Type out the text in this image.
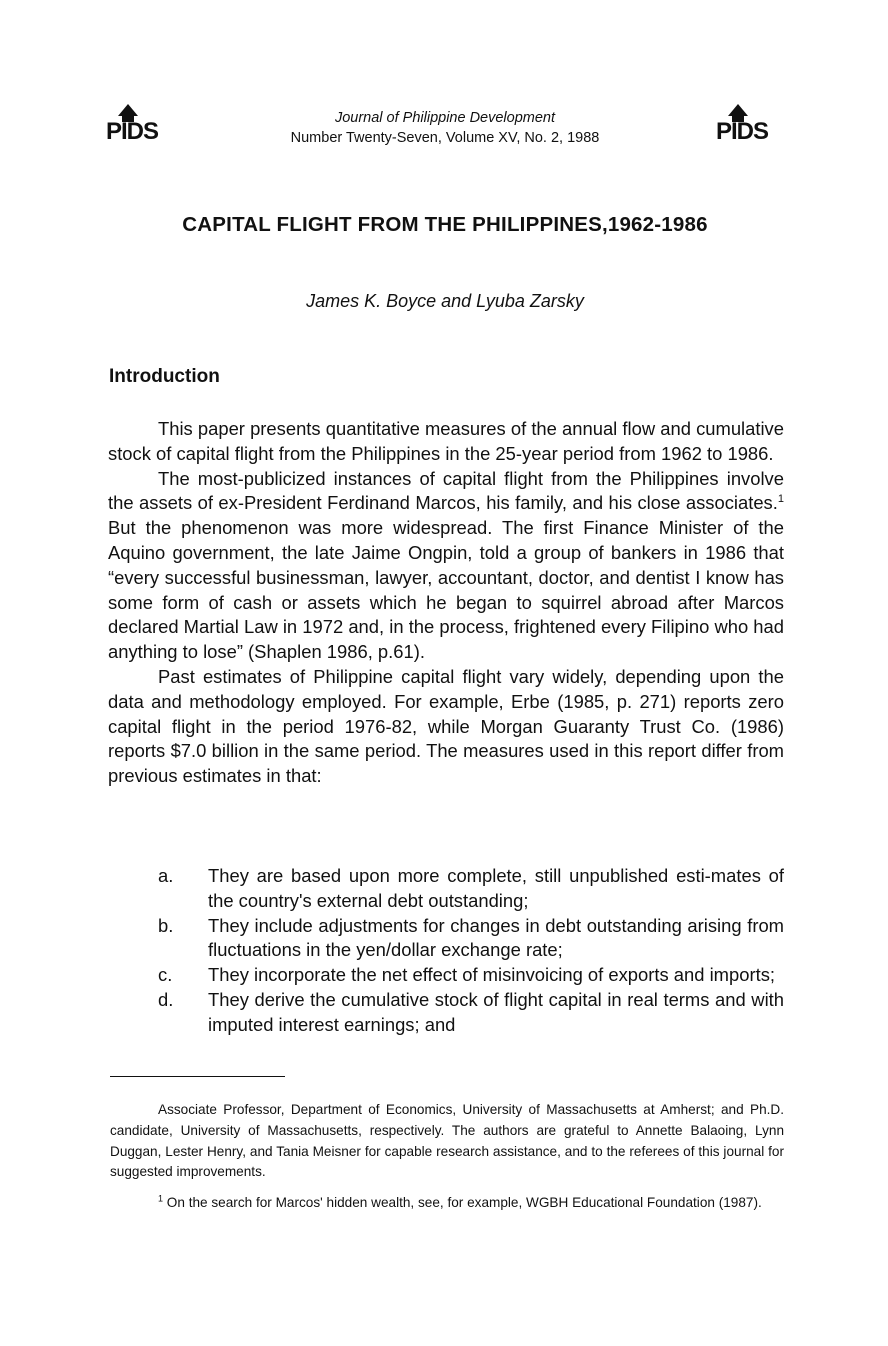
PIDS	Journal of Philippine Development
Number Twenty-Seven, Volume XV, No. 2, 1988	PIDS
CAPITAL FLIGHT FROM THE PHILIPPINES,1962-1986
James K. Boyce and Lyuba Zarsky
Introduction

This paper presents quantitative measures of the annual flow and cumulative stock of capital flight from the Philippines in the 25-year period from 1962 to 1986.

The most-publicized instances of capital flight from the Philippines involve the assets of ex-President Ferdinand Marcos, his family, and his close associates.$^1$ But the phenomenon was more widespread. The first Finance Minister of the Aquino government, the late Jaime Ongpin, told a group of bankers in 1986 that “every successful businessman, lawyer, accountant, doctor, and dentist I know has some form of cash or assets which he began to squirrel abroad after Marcos declared Martial Law in 1972 and, in the process, frightened every Filipino who had anything to lose” (Shaplen 1986, p.61).

Past estimates of Philippine capital flight vary widely, depending upon the data and methodology employed. For example, Erbe (1985, p. 271) reports zero capital flight in the period 1976-82, while Morgan Guaranty Trust Co. (1986) reports $7.0 billion in the same period. The measures used in this report differ from previous estimates in that:

a.	They are based upon more complete, still unpublished esti-mates of the country's external debt outstanding;
b.	They include adjustments for changes in debt outstanding arising from fluctuations in the yen/dollar exchange rate;
c.	They incorporate the net effect of misinvoicing of exports and imports;
d.	They derive the cumulative stock of flight capital in real terms and with imputed interest earnings; and

Associate Professor, Department of Economics, University of Massachusetts at Amherst; and Ph.D. candidate, University of Massachusetts, respectively. The authors are grateful to Annette Balaoing, Lynn Duggan, Lester Henry, and Tania Meisner for capable research assistance, and to the referees of this journal for suggested improvements.

$^1$ On the search for Marcos' hidden wealth, see, for example, WGBH Educational Foundation (1987).
